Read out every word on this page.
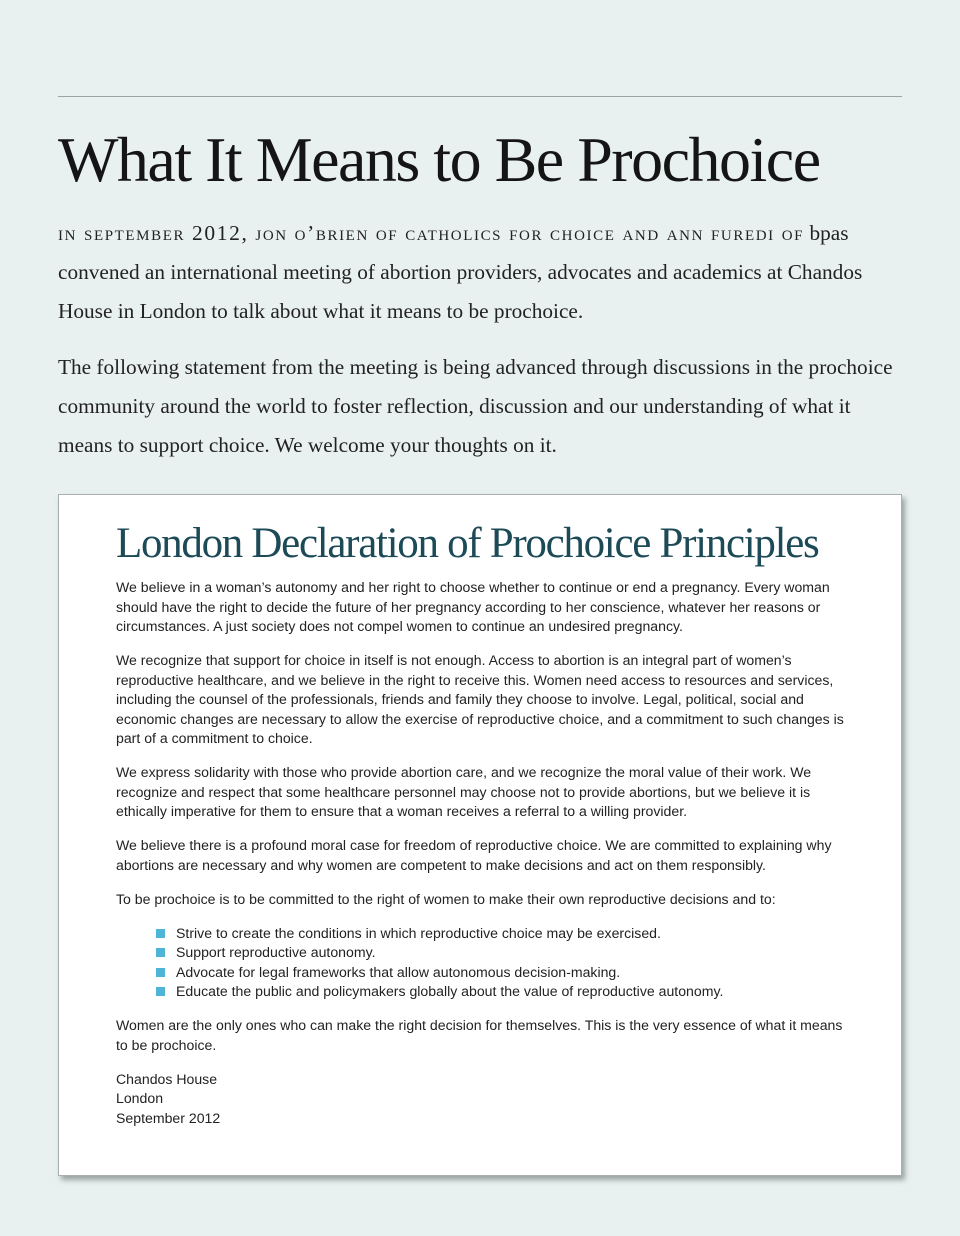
What It Means to Be Prochoice

in september 2012, jon o’brien of catholics for choice and ann furedi of bpas convened an international meeting of abortion providers, advocates and academics at Chandos House in London to talk about what it means to be prochoice.

The following statement from the meeting is being advanced through discussions in the prochoice community around the world to foster reflection, discussion and our understanding of what it means to support choice. We welcome your thoughts on it.

London Declaration of Prochoice Principles

We believe in a woman’s autonomy and her right to choose whether to continue or end a pregnancy. Every woman should have the right to decide the future of her pregnancy according to her conscience, whatever her reasons or circumstances. A just society does not compel women to continue an undesired pregnancy.

We recognize that support for choice in itself is not enough. Access to abortion is an integral part of women’s reproductive healthcare, and we believe in the right to receive this. Women need access to resources and services, including the counsel of the professionals, friends and family they choose to involve. Legal, political, social and economic changes are necessary to allow the exercise of reproductive choice, and a commitment to such changes is part of a commitment to choice.

We express solidarity with those who provide abortion care, and we recognize the moral value of their work. We recognize and respect that some healthcare personnel may choose not to provide abortions, but we believe it is ethically imperative for them to ensure that a woman receives a referral to a willing provider.

We believe there is a profound moral case for freedom of reproductive choice. We are committed to explaining why abortions are necessary and why women are competent to make decisions and act on them responsibly.

To be prochoice is to be committed to the right of women to make their own reproductive decisions and to:

Strive to create the conditions in which reproductive choice may be exercised.
Support reproductive autonomy.
Advocate for legal frameworks that allow autonomous decision-making.
Educate the public and policymakers globally about the value of reproductive autonomy.

Women are the only ones who can make the right decision for themselves. This is the very essence of what it means to be prochoice.

Chandos House

London

September 2012
